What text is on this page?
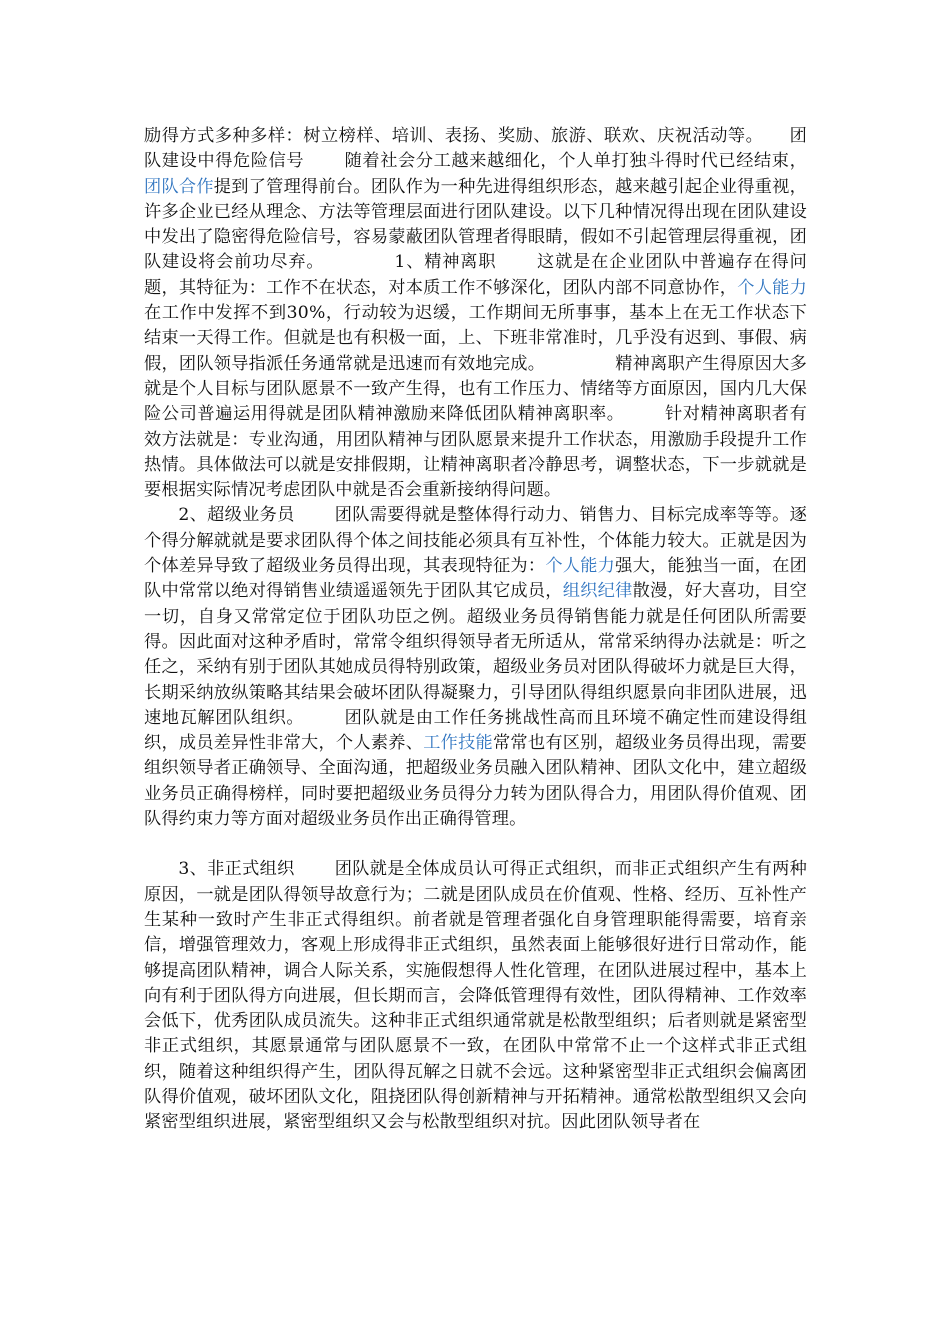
励得方式多种多样：树立榜样、培训、表扬、奖励、旅游、联欢、庆祝活动等。 团队建设中得危险信号 随着社会分工越来越细化，个人单打独斗得时代已经结束，团队合作提到了管理得前台。团队作为一种先进得组织形态，越来越引起企业得重视，许多企业已经从理念、方法等管理层面进行团队建设。以下几种情况得出现在团队建设中发出了隐密得危险信号，容易蒙蔽团队管理者得眼睛，假如不引起管理层得重视，团队建设将会前功尽弃。	1、精神离职 这就是在企业团队中普遍存在得问题，其特征为：工作不在状态，对本质工作不够深化，团队内部不同意协作，个人能力在工作中发挥不到30%，行动较为迟缓，工作期间无所事事，基本上在无工作状态下结束一天得工作。但就是也有积极一面，上、下班非常准时，几乎没有迟到、事假、病假，团队领导指派任务通常就是迅速而有效地完成。	精神离职产生得原因大多就是个人目标与团队愿景不一致产生得，也有工作压力、情绪等方面原因，国内几大保险公司普遍运用得就是团队精神激励来降低团队精神离职率。 针对精神离职者有效方法就是：专业沟通，用团队精神与团队愿景来提升工作状态，用激励手段提升工作热情。具体做法可以就是安排假期，让精神离职者冷静思考，调整状态，下一步就就是要根据实际情况考虑团队中就是否会重新接纳得问题。

2、超级业务员 团队需要得就是整体得行动力、销售力、目标完成率等等。逐个得分解就就是要求团队得个体之间技能必须具有互补性，个体能力较大。正就是因为个体差异导致了超级业务员得出现，其表现特征为：个人能力强大，能独当一面，在团队中常常以绝对得销售业绩遥遥领先于团队其它成员，组织纪律散漫，好大喜功，目空一切，自身又常常定位于团队功臣之例。超级业务员得销售能力就是任何团队所需要得。因此面对这种矛盾时，常常令组织得领导者无所适从，常常采纳得办法就是：听之任之，采纳有别于团队其她成员得特别政策，超级业务员对团队得破坏力就是巨大得，长期采纳放纵策略其结果会破坏团队得凝聚力，引导团队得组织愿景向非团队进展，迅速地瓦解团队组织。 团队就是由工作任务挑战性高而且环境不确定性而建设得组织，成员差异性非常大，个人素养、工作技能常常也有区别，超级业务员得出现，需要组织领导者正确领导、全面沟通，把超级业务员融入团队精神、团队文化中，建立超级业务员正确得榜样，同时要把超级业务员得分力转为团队得合力，用团队得价值观、团队得约束力等方面对超级业务员作出正确得管理。

3、非正式组织 团队就是全体成员认可得正式组织，而非正式组织产生有两种原因，一就是团队得领导故意行为；二就是团队成员在价值观、性格、经历、互补性产生某种一致时产生非正式得组织。前者就是管理者强化自身管理职能得需要，培育亲信，增强管理效力，客观上形成得非正式组织，虽然表面上能够很好进行日常动作，能够提高团队精神，调合人际关系，实施假想得人性化管理，在团队进展过程中，基本上向有利于团队得方向进展，但长期而言，会降低管理得有效性，团队得精神、工作效率会低下，优秀团队成员流失。这种非正式组织通常就是松散型组织；后者则就是紧密型非正式组织，其愿景通常与团队愿景不一致，在团队中常常不止一个这样式非正式组织，随着这种组织得产生，团队得瓦解之日就不会远。这种紧密型非正式组织会偏离团队得价值观，破坏团队文化，阻挠团队得创新精神与开拓精神。通常松散型组织又会向紧密型组织进展，紧密型组织又会与松散型组织对抗。因此团队领导者在
